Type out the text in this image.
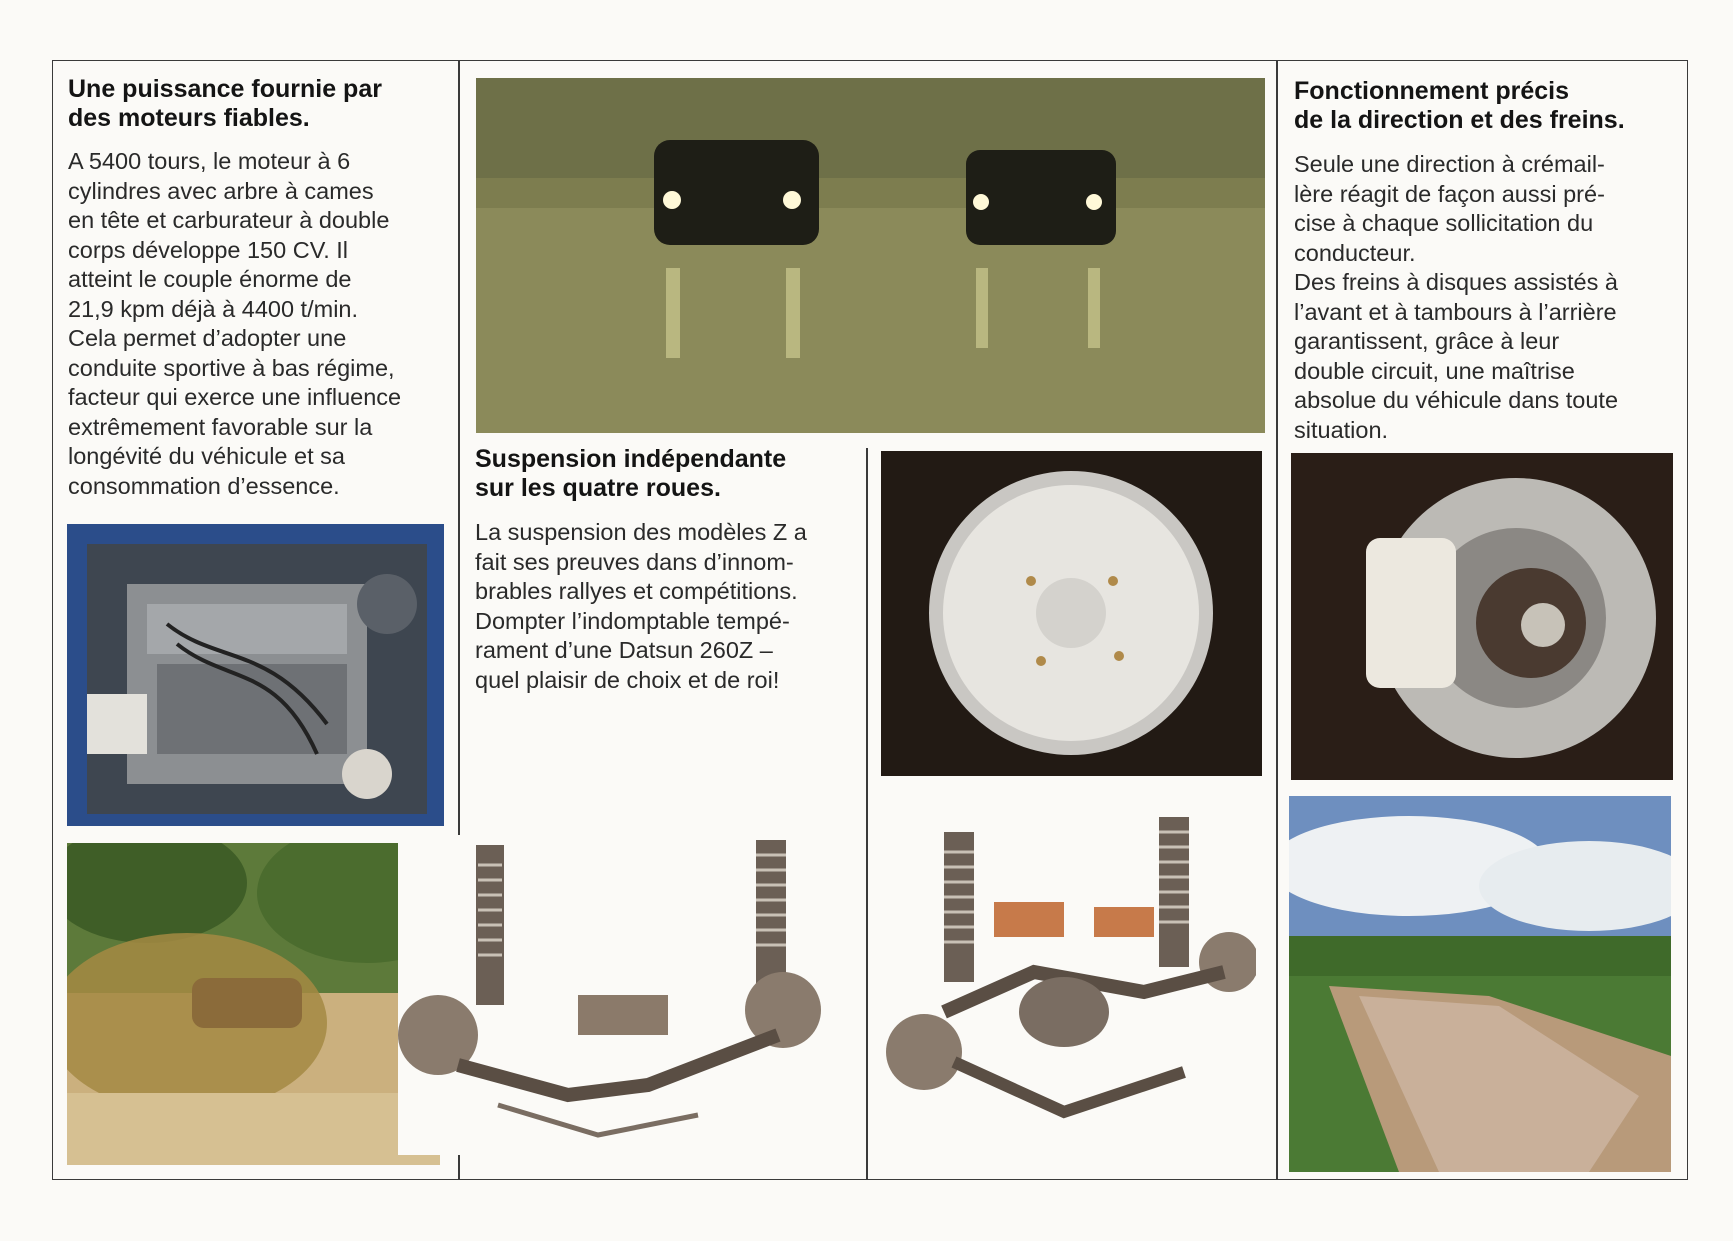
Une puissance fournie par
des moteurs fiables.
A 5400 tours, le moteur à 6
cylindres avec arbre à cames
en tête et carburateur à double
corps développe 150 CV. Il
atteint le couple énorme de
21,9 kpm déjà à 4400 t/min.
Cela permet d’adopter une
conduite sportive à bas régime,
facteur qui exerce une influence
extrêmement favorable sur la
longévité du véhicule et sa
consommation d’essence.
Suspension indépendante
sur les quatre roues.
La suspension des modèles Z a
fait ses preuves dans d’innom-
brables rallyes et compétitions.
Dompter l’indomptable tempé-
rament d’une Datsun 260Z –
quel plaisir de choix et de roi!
Fonctionnement précis
de la direction et des freins.
Seule une direction à crémail-
lère réagit de façon aussi pré-
cise à chaque sollicitation du
conducteur.
Des freins à disques assistés à
l’avant et à tambours à l’arrière
garantissent, grâce à leur
double circuit, une maîtrise
absolue du véhicule dans toute
situation.
